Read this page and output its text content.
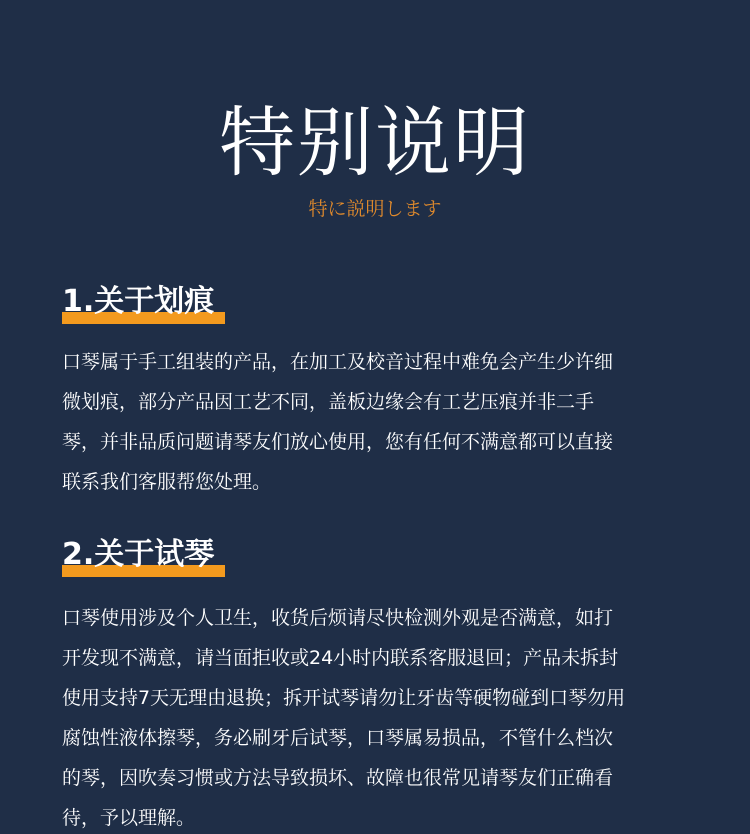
特别说明

特に説明します

1.关于划痕
口琴属于手工组装的产品，在加工及校音过程中难免会产生少许细
微划痕，部分产品因工艺不同，盖板边缘会有工艺压痕并非二手
琴，并非品质问题请琴友们放心使用，您有任何不满意都可以直接
联系我们客服帮您处理。
2.关于试琴
口琴使用涉及个人卫生，收货后烦请尽快检测外观是否满意，如打
开发现不满意，请当面拒收或24小时内联系客服退回；产品未拆封
使用支持7天无理由退换；拆开试琴请勿让牙齿等硬物碰到口琴勿用
腐蚀性液体擦琴，务必刷牙后试琴，口琴属易损品，不管什么档次
的琴，因吹奏习惯或方法导致损坏、故障也很常见请琴友们正确看
待，予以理解。
